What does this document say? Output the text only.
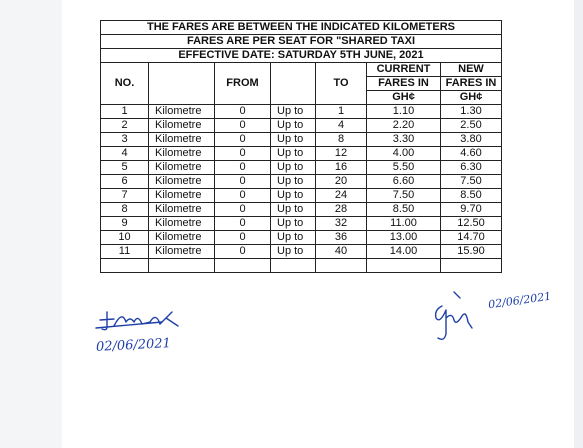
THE FARES ARE BETWEEN THE INDICATED KILOMETERS						
FARES ARE PER SEAT FOR "SHARED TAXI						
EFFECTIVE DATE: SATURDAY 5TH JUNE, 2021						
NO.		FROM		TO	CURRENT	NEW
					FARES IN	FARES IN
					GH¢	GH¢
1	Kilometre	0	Up to	1	1.10	1.30
2	Kilometre	0	Up to	4	2.20	2.50
3	Kilometre	0	Up to	8	3.30	3.80
4	Kilometre	0	Up to	12	4.00	4.60
5	Kilometre	0	Up to	16	5.50	6.30
6	Kilometre	0	Up to	20	6.60	7.50
7	Kilometre	0	Up to	24	7.50	8.50
8	Kilometre	0	Up to	28	8.50	9.70
9	Kilometre	0	Up to	32	11.00	12.50
10	Kilometre	0	Up to	36	13.00	14.70
11	Kilometre	0	Up to	40	14.00	15.90

02/06/2021
02/06/2021
